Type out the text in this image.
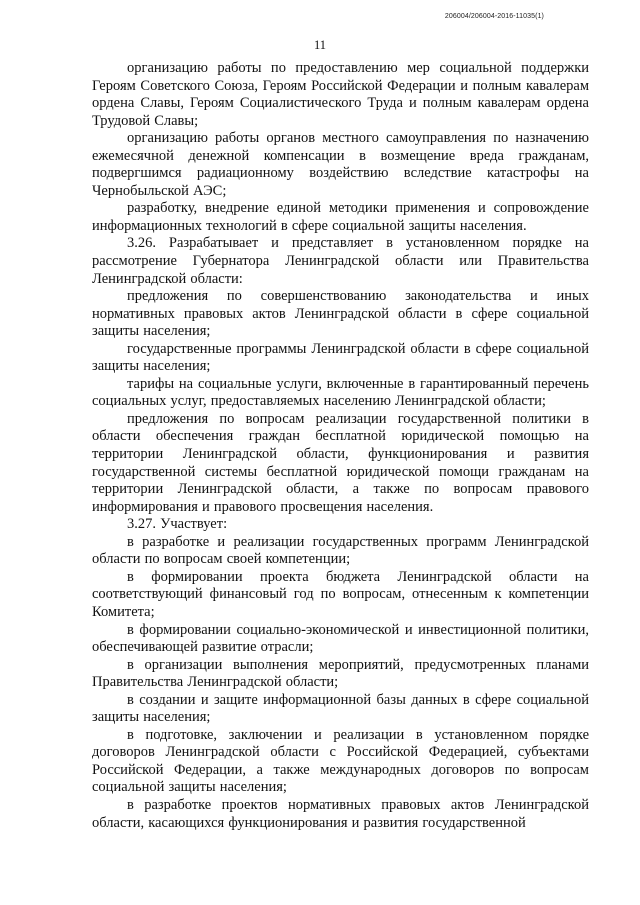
206004/206004-2016-11035(1)
11

организацию работы по предоставлению мер социальной поддержки Героям Советского Союза, Героям Российской Федерации и полным кавалерам ордена Славы, Героям Социалистического Труда и полным кавалерам ордена Трудовой Славы;

организацию работы органов местного самоуправления по назначению ежемесячной денежной компенсации в возмещение вреда гражданам, подвергшимся радиационному воздействию вследствие катастрофы на Чернобыльской АЭС;

разработку, внедрение единой методики применения и сопровождение информационных технологий в сфере социальной защиты населения.

3.26. Разрабатывает и представляет в установленном порядке на рассмотрение Губернатора Ленинградской области или Правительства Ленинградской области:

предложения по совершенствованию законодательства и иных нормативных правовых актов Ленинградской области в сфере социальной защиты населения;

государственные программы Ленинградской области в сфере социальной защиты населения;

тарифы на социальные услуги, включенные в гарантированный перечень социальных услуг, предоставляемых населению Ленинградской области;

предложения по вопросам реализации государственной политики в области обеспечения граждан бесплатной юридической помощью на территории Ленинградской области, функционирования и развития государственной системы бесплатной юридической помощи гражданам на территории Ленинградской области, а также по вопросам правового информирования и правового просвещения населения.

3.27. Участвует:

в разработке и реализации государственных программ Ленинградской области по вопросам своей компетенции;

в формировании проекта бюджета Ленинградской области на соответствующий финансовый год по вопросам, отнесенным к компетенции Комитета;

в формировании социально-экономической и инвестиционной политики, обеспечивающей развитие отрасли;

в организации выполнения мероприятий, предусмотренных планами Правительства Ленинградской области;

в создании и защите информационной базы данных в сфере социальной защиты населения;

в подготовке, заключении и реализации в установленном порядке договоров Ленинградской области с Российской Федерацией, субъектами Российской Федерации, а также международных договоров по вопросам социальной защиты населения;

в разработке проектов нормативных правовых актов Ленинградской области, касающихся функционирования и развития государственной
